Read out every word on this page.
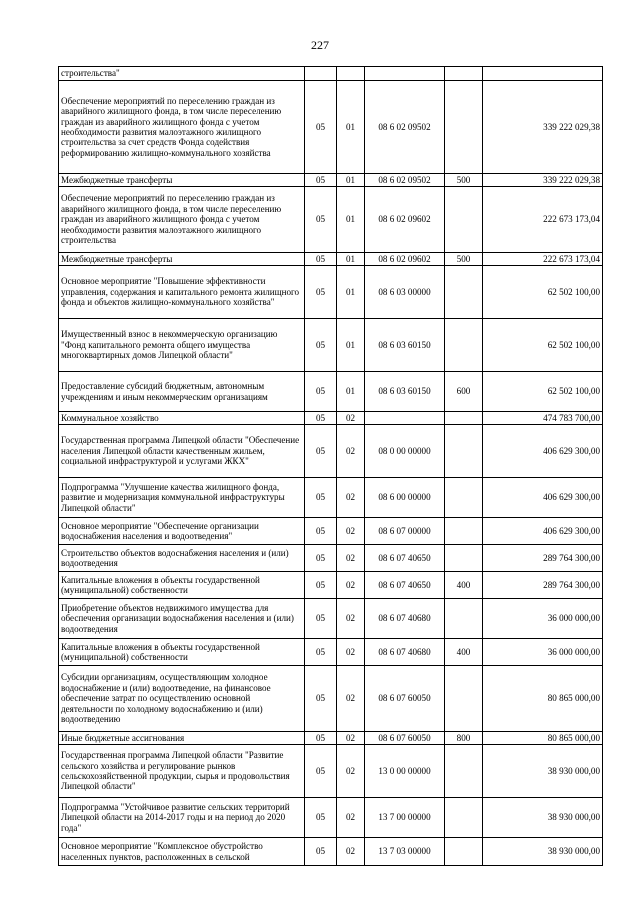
227
строительства"					
Обеспечение мероприятий по переселению граждан из аварийного жилищного фонда, в том числе переселению граждан из аварийного жилищного фонда с учетом необходимости развития малоэтажного жилищного строительства за счет средств Фонда содействия реформированию жилищно-коммунального хозяйства	05	01	08 6 02 09502		339 222 029,38
Межбюджетные трансферты	05	01	08 6 02 09502	500	339 222 029,38
Обеспечение мероприятий по переселению граждан из аварийного жилищного фонда, в том числе переселению граждан из аварийного жилищного фонда с учетом необходимости развития малоэтажного жилищного строительства	05	01	08 6 02 09602		222 673 173,04
Межбюджетные трансферты	05	01	08 6 02 09602	500	222 673 173,04
Основное мероприятие "Повышение эффективности управления, содержания и капитального ремонта жилищного фонда и объектов жилищно-коммунального хозяйства"	05	01	08 6 03 00000		62 502 100,00
Имущественный взнос в некоммерческую организацию "Фонд капитального ремонта общего имущества многоквартирных домов Липецкой области"	05	01	08 6 03 60150		62 502 100,00
Предоставление субсидий бюджетным, автономным учреждениям и иным некоммерческим организациям	05	01	08 6 03 60150	600	62 502 100,00
Коммунальное хозяйство	05	02			474 783 700,00
Государственная программа Липецкой области "Обеспечение населения Липецкой области качественным жильем, социальной инфраструктурой и услугами ЖКХ"	05	02	08 0 00 00000		406 629 300,00
Подпрограмма "Улучшение качества жилищного фонда, развитие и модернизация коммунальной инфраструктуры Липецкой области"	05	02	08 6 00 00000		406 629 300,00
Основное мероприятие "Обеспечение организации водоснабжения населения и водоотведения"	05	02	08 6 07 00000		406 629 300,00
Строительство объектов водоснабжения населения и (или) водоотведения	05	02	08 6 07 40650		289 764 300,00
Капитальные вложения в объекты государственной (муниципальной) собственности	05	02	08 6 07 40650	400	289 764 300,00
Приобретение объектов недвижимого имущества для обеспечения организации водоснабжения населения и (или) водоотведения	05	02	08 6 07 40680		36 000 000,00
Капитальные вложения в объекты государственной (муниципальной) собственности	05	02	08 6 07 40680	400	36 000 000,00
Субсидии организациям, осуществляющим холодное водоснабжение и (или) водоотведение, на финансовое обеспечение затрат по осуществлению основной деятельности по холодному водоснабжению и (или) водоотведению	05	02	08 6 07 60050		80 865 000,00
Иные бюджетные ассигнования	05	02	08 6 07 60050	800	80 865 000,00
Государственная программа Липецкой области "Развитие сельского хозяйства и регулирование рынков сельскохозяйственной продукции, сырья и продовольствия Липецкой области"	05	02	13 0 00 00000		38 930 000,00
Подпрограмма "Устойчивое развитие сельских территорий Липецкой области на 2014-2017 годы и на период до 2020 года"	05	02	13 7 00 00000		38 930 000,00
Основное мероприятие "Комплексное обустройство населенных пунктов, расположенных в сельской	05	02	13 7 03 00000		38 930 000,00
